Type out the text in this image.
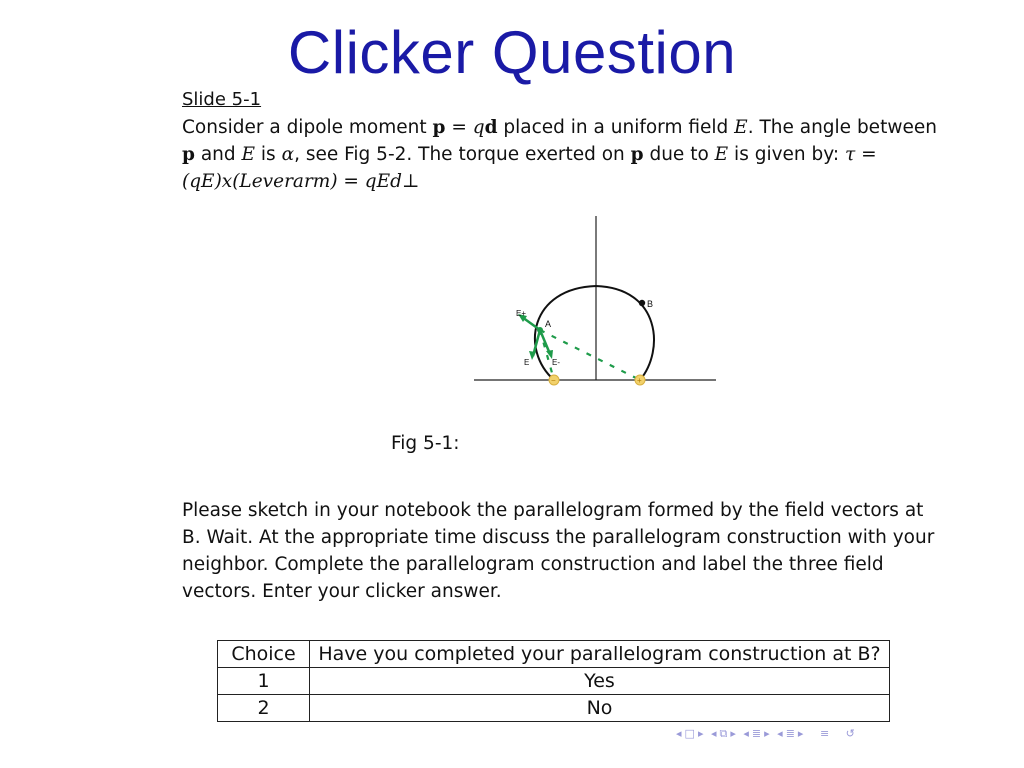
Clicker Question
Slide 5-1
Consider a dipole moment p = qd placed in a uniform field E. The angle between p and E is α, see Fig 5-2. The torque exerted on p due to E is given by: τ = (qE)x(Leverarm) = qEd⊥
B
A
E+
E-
E
−	+
Fig 5-1:
Please sketch in your notebook the parallelogram formed by the field vectors at B. Wait. At the appropriate time discuss the parallelogram construction with your neighbor. Complete the parallelogram construction and label the three field vectors. Enter your clicker answer.
Choice	Have you completed your parallelogram construction at B?
1	Yes
2	No
◂ □ ▸ ◂ ⧉ ▸ ◂ ≣ ▸ ◂ ≣ ▸   ≡   ↺
